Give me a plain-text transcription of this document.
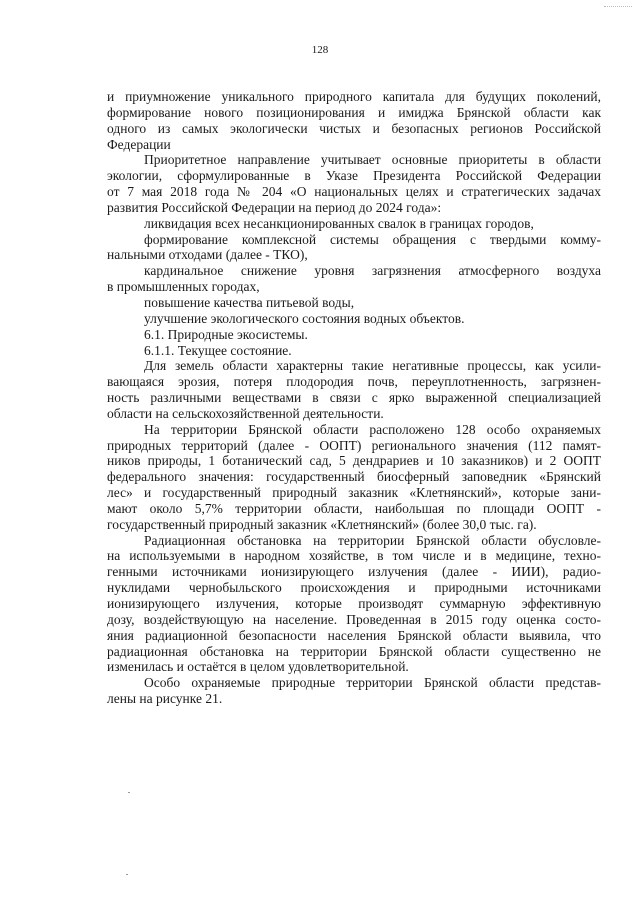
128

и приумножение уникального природного капитала для будущих поколений,

формирование нового позиционирования и имиджа Брянской области как

одного из самых экологически чистых и безопасных регионов Российской

Федерации

Приоритетное направление учитывает основные приоритеты в области

экологии, сформулированные в Указе Президента Российской Федерации

от 7 мая 2018 года № 204 «О национальных целях и стратегических задачах

развития Российской Федерации на период до 2024 года»:

ликвидация всех несанкционированных свалок в границах городов,

формирование комплексной системы обращения с твердыми комму-

нальными отходами (далее - ТКО),

кардинальное снижение уровня загрязнения атмосферного воздуха

в промышленных городах,

повышение качества питьевой воды,

улучшение экологического состояния водных объектов.

6.1. Природные экосистемы.

6.1.1. Текущее состояние.

Для земель области характерны такие негативные процессы, как усили-

вающаяся эрозия, потеря плодородия почв, переуплотненность, загрязнен-

ность различными веществами в связи с ярко выраженной специализацией

области на сельскохозяйственной деятельности.

На территории Брянской области расположено 128 особо охраняемых

природных территорий (далее - ООПТ) регионального значения (112 памят-

ников природы, 1 ботанический сад, 5 дендрариев и 10 заказников) и 2 ООПТ

федерального значения: государственный биосферный заповедник «Брянский

лес» и государственный природный заказник «Клетнянский», которые зани-

мают около 5,7% территории области, наибольшая по площади ООПТ -

государственный природный заказник «Клетнянский» (более 30,0 тыс. га).

Радиационная обстановка на территории Брянской области обусловле-

на используемыми в народном хозяйстве, в том числе и в медицине, техно-

генными источниками ионизирующего излучения (далее - ИИИ), радио-

нуклидами чернобыльского происхождения и природными источниками

ионизирующего излучения, которые производят суммарную эффективную

дозу, воздействующую на население. Проведенная в 2015 году оценка состо-

яния радиационной безопасности населения Брянской области выявила, что

радиационная обстановка на территории Брянской области существенно не

изменилась и остаётся в целом удовлетворительной.

Особо охраняемые природные территории Брянской области представ-

лены на рисунке 21.
